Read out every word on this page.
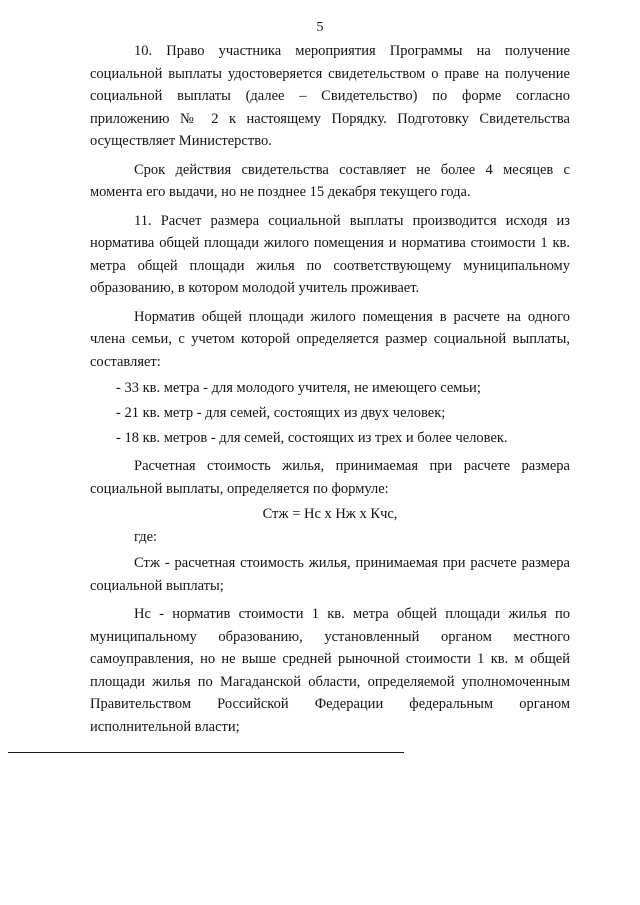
5

10. Право участника мероприятия Программы на получение социальной выплаты удостоверяется свидетельством о праве на получение социальной выплаты (далее – Свидетельство) по форме согласно приложению № 2 к настоящему Порядку. Подготовку Свидетельства осуществляет Министерство.

Срок действия свидетельства составляет не более 4 месяцев с момента его выдачи, но не позднее 15 декабря текущего года.

11. Расчет размера социальной выплаты производится исходя из норматива общей площади жилого помещения и норматива стоимости 1 кв. метра общей площади жилья по соответствующему муниципальному образованию, в котором молодой учитель проживает.

Норматив общей площади жилого помещения в расчете на одного члена семьи, с учетом которой определяется размер социальной выплаты, составляет:

- 33 кв. метра - для молодого учителя, не имеющего семьи;
- 21 кв. метр - для семей, состоящих из двух человек;
- 18 кв. метров - для семей, состоящих из трех и более человек.

Расчетная стоимость жилья, принимаемая при расчете размера социальной выплаты, определяется по формуле:

Стж = Нс х Нж х Кчс,

где:

Стж - расчетная стоимость жилья, принимаемая при расчете размера социальной выплаты;

Нс - норматив стоимости 1 кв. метра общей площади жилья по муниципальному образованию, установленный органом местного самоуправления, но не выше средней рыночной стоимости 1 кв. м общей площади жилья по Магаданской области, определяемой уполномоченным Правительством Российской Федерации федеральным органом исполнительной власти;
